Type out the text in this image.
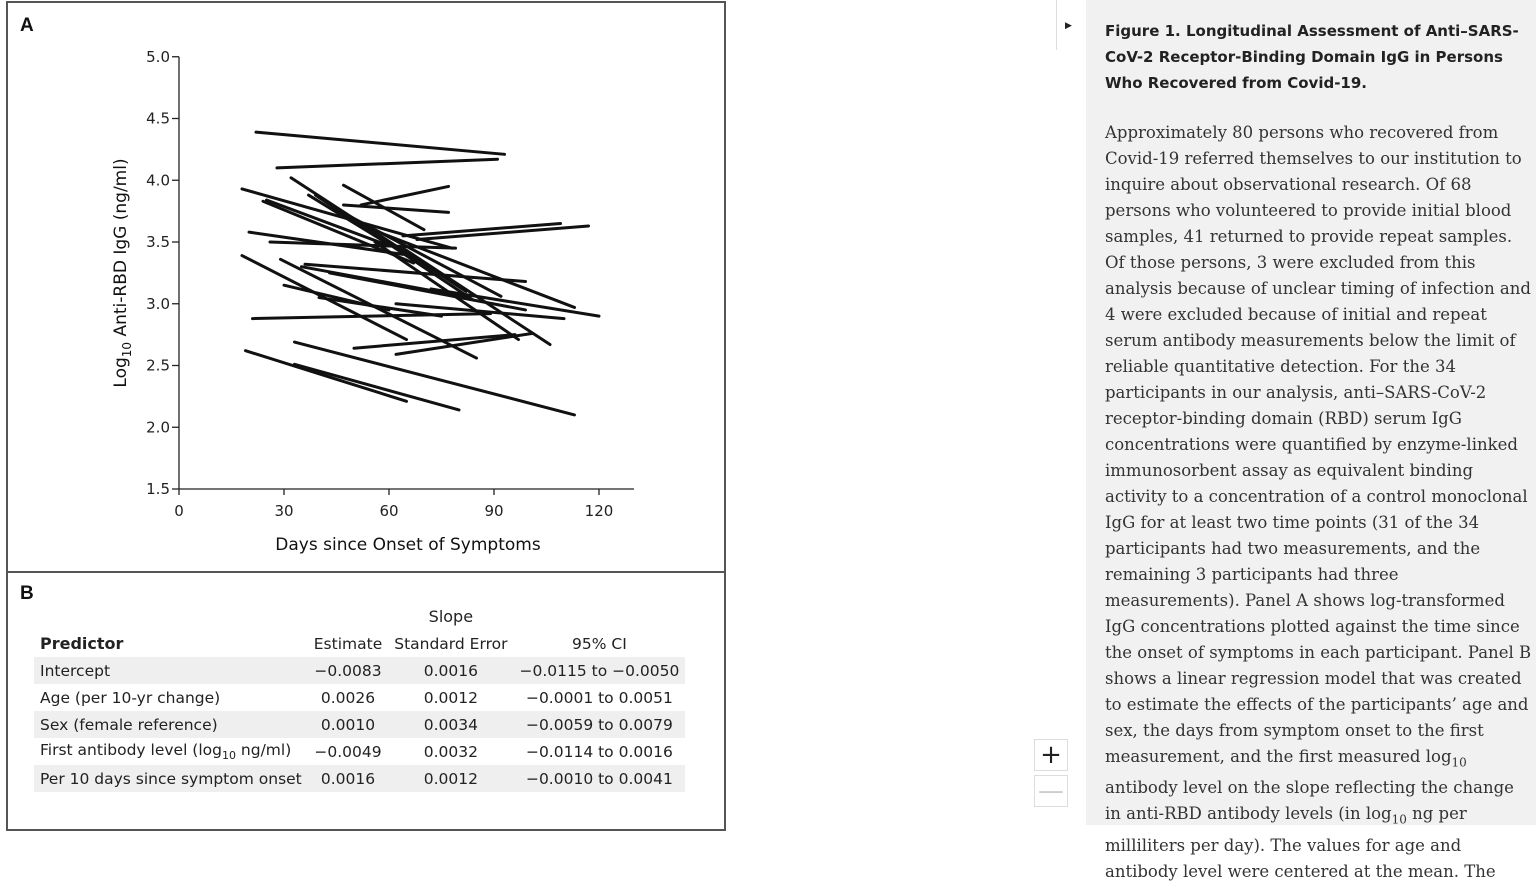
A
1.5
2.0
2.5
3.0
3.5
4.0
4.5
5.0
0	30	60	90	120
Days since Onset of Symptoms
Log$_{10}$ Anti-RBD IgG (ng/ml)
B
		Slope	
Predictor	Estimate	Standard Error	95% CI
Intercept	−0.0083	0.0016	−0.0115 to −0.0050
Age (per 10-yr change)	0.0026	0.0012	−0.0001 to 0.0051
Sex (female reference)	0.0010	0.0034	−0.0059 to 0.0079
First antibody level ($\log_{10}$ ng/ml)	−0.0049	0.0032	−0.0114 to 0.0016
Per 10 days since symptom onset	0.0016	0.0012	−0.0010 to 0.0041
▶
+
—

Figure 1. Longitudinal Assessment of Anti–SARS-CoV-2 Receptor-Binding Domain IgG in Persons Who Recovered from Covid-19.

Approximately 80 persons who recovered from Covid-19 referred themselves to our institution to inquire about observational research. Of 68 persons who volunteered to provide initial blood samples, 41 returned to provide repeat samples. Of those persons, 3 were excluded from this analysis because of unclear timing of infection and 4 were excluded because of initial and repeat serum antibody measurements below the limit of reliable quantitative detection. For the 34 participants in our analysis, anti–SARS-CoV-2 receptor-binding domain (RBD) serum IgG concentrations were quantified by enzyme-linked immunosorbent assay as equivalent binding activity to a concentration of a control monoclonal IgG for at least two time points (31 of the 34 participants had two measurements, and the remaining 3 participants had three measurements). Panel A shows log-transformed IgG concentrations plotted against the time since the onset of symptoms in each participant. Panel B shows a linear regression model that was created to estimate the effects of the participants’ age and sex, the days from symptom onset to the first measurement, and the first measured $\log_{10}$ antibody level on the slope reflecting the change in anti-RBD antibody levels (in $\log_{10}$ ng per milliliters per day). The values for age and antibody level were centered at the mean. The
